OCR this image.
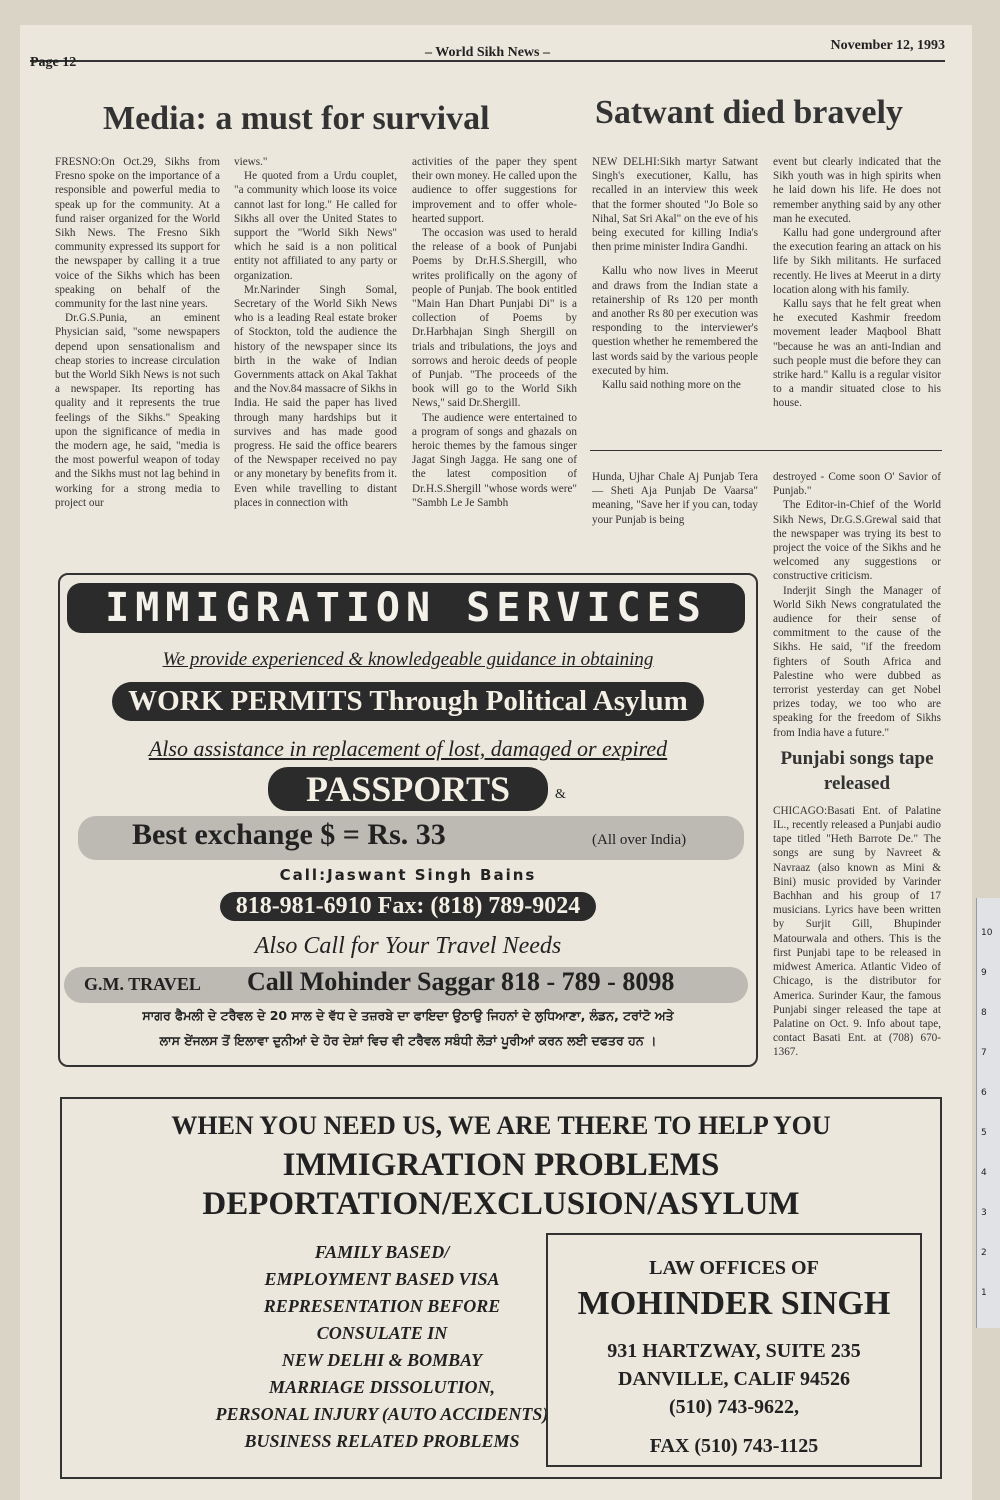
Page 12
– World Sikh News –	November 12, 1993
Media: a must for survival	Satwant died bravely

FRESNO:On Oct.29, Sikhs from Fresno spoke on the importance of a responsible and powerful media to speak up for the community. At a fund raiser organized for the World Sikh News. The Fresno Sikh community expressed its support for the newspaper by calling it a true voice of the Sikhs which has been speaking on behalf of the community for the last nine years.

Dr.G.S.Punia, an eminent Physician said, "some newspapers depend upon sensationalism and cheap stories to increase circulation but the World Sikh News is not such a newspaper. Its reporting has quality and it represents the true feelings of the Sikhs." Speaking upon the significance of media in the modern age, he said, "media is the most powerful weapon of today and the Sikhs must not lag behind in working for a strong media to project our

views."

He quoted from a Urdu couplet, "a community which loose its voice cannot last for long." He called for Sikhs all over the United States to support the "World Sikh News" which he said is a non political entity not affiliated to any party or organization.

Mr.Narinder Singh Somal, Secretary of the World Sikh News who is a leading Real estate broker of Stockton, told the audience the history of the newspaper since its birth in the wake of Indian Governments attack on Akal Takhat and the Nov.84 massacre of Sikhs in India. He said the paper has lived through many hardships but it survives and has made good progress. He said the office bearers of the Newspaper received no pay or any monetary by benefits from it. Even while travelling to distant places in connection with

activities of the paper they spent their own money. He called upon the audience to offer suggestions for improvement and to offer whole-hearted support.

The occasion was used to herald the release of a book of Punjabi Poems by Dr.H.S.Shergill, who writes prolifically on the agony of people of Punjab. The book entitled "Main Han Dhart Punjabi Di" is a collection of Poems by Dr.Harbhajan Singh Shergill on trials and tribulations, the joys and sorrows and heroic deeds of people of Punjab. "The proceeds of the book will go to the World Sikh News," said Dr.Shergill.

The audience were entertained to a program of songs and ghazals on heroic themes by the famous singer Jagat Singh Jagga. He sang one of the latest composition of Dr.H.S.Shergill "whose words were" "Sambh Le Je Sambh

NEW DELHI:Sikh martyr Satwant Singh's executioner, Kallu, has recalled in an interview this week that the former shouted "Jo Bole so Nihal, Sat Sri Akal" on the eve of his being executed for killing India's then prime minister Indira Gandhi.

Kallu who now lives in Meerut and draws from the Indian state a retainership of Rs 120 per month and another Rs 80 per execution was responding to the interviewer's question whether he remembered the last words said by the various people executed by him.

Kallu said nothing more on the

event but clearly indicated that the Sikh youth was in high spirits when he laid down his life. He does not remember anything said by any other man he executed.

Kallu had gone underground after the execution fearing an attack on his life by Sikh militants. He surfaced recently. He lives at Meerut in a dirty location along with his family.

Kallu says that he felt great when he executed Kashmir freedom movement leader Maqbool Bhatt "because he was an anti-Indian and such people must die before they can strike hard." Kallu is a regular visitor to a mandir situated close to his house.

Hunda, Ujhar Chale Aj Punjab Tera— Sheti Aja Punjab De Vaarsa" meaning, "Save her if you can, today your Punjab is being

destroyed - Come soon O' Savior of Punjab."

The Editor-in-Chief of the World Sikh News, Dr.G.S.Grewal said that the newspaper was trying its best to project the voice of the Sikhs and he welcomed any suggestions or constructive criticism.

Inderjit Singh the Manager of World Sikh News congratulated the audience for their sense of commitment to the cause of the Sikhs. He said, "if the freedom fighters of South Africa and Palestine who were dubbed as terrorist yesterday can get Nobel prizes today, we too who are speaking for the freedom of Sikhs from India have a future."

Punjabi songs tape released

CHICAGO:Basati Ent. of Palatine IL., recently released a Punjabi audio tape titled "Heth Barrote De." The songs are sung by Navreet & Navraaz (also known as Mini & Bini) music provided by Varinder Bachhan and his group of 17 musicians. Lyrics have been written by Surjit Gill, Bhupinder Matourwala and others. This is the first Punjabi tape to be released in midwest America. Atlantic Video of Chicago, is the distributor for America. Surinder Kaur, the famous Punjabi singer released the tape at Palatine on Oct. 9. Info about tape, contact Basati Ent. at (708) 670-1367.

IMMIGRATION SERVICES
We provide experienced & knowledgeable guidance in obtaining
WORK PERMITS Through Political Asylum
Also assistance in replacement of lost, damaged or expired
PASSPORTS	&
Best exchange $ = Rs. 33	(All over India)
Call:Jaswant Singh Bains
818-981-6910 Fax: (818) 789-9024
Also Call for Your Travel Needs
G.M. TRAVEL Call Mohinder Saggar 818 - 789 - 8098
ਸਾਗਰ ਫੈਮਲੀ ਦੇ ਟਰੈਵਲ ਦੇ 20 ਸਾਲ ਦੇ ਵੱਧ ਦੇ ਤਜ਼ਰਬੇ ਦਾ ਫਾਇਦਾ ਉਠਾਉ ਜਿਹਨਾਂ ਦੇ ਲੁਧਿਆਣਾ, ਲੰਡਨ, ਟਰਾਂਟੋ ਅਤੇ
ਲਾਸ ਏਂਜਲਸ ਤੋਂ ਇਲਾਵਾ ਦੁਨੀਆਂ ਦੇ ਹੋਰ ਦੇਸ਼ਾਂ ਵਿਚ ਵੀ ਟਰੈਵਲ ਸਬੰਧੀ ਲੋੜਾਂ ਪੂਰੀਆਂ ਕਰਨ ਲਈ ਦਫਤਰ ਹਨ ।
WHEN YOU NEED US, WE ARE THERE TO HELP YOU
IMMIGRATION PROBLEMS
DEPORTATION/EXCLUSION/ASYLUM
FAMILY BASED/
EMPLOYMENT BASED VISA
REPRESENTATION BEFORE
CONSULATE IN
NEW DELHI & BOMBAY
MARRIAGE DISSOLUTION,
PERSONAL INJURY (AUTO ACCIDENTS)
BUSINESS RELATED PROBLEMS
LAW OFFICES OF
MOHINDER SINGH
931 HARTZWAY, SUITE 235
DANVILLE, CALIF 94526
(510) 743-9622,
FAX (510) 743-1125
10
9
8
7
6
5
4
3
2
1
